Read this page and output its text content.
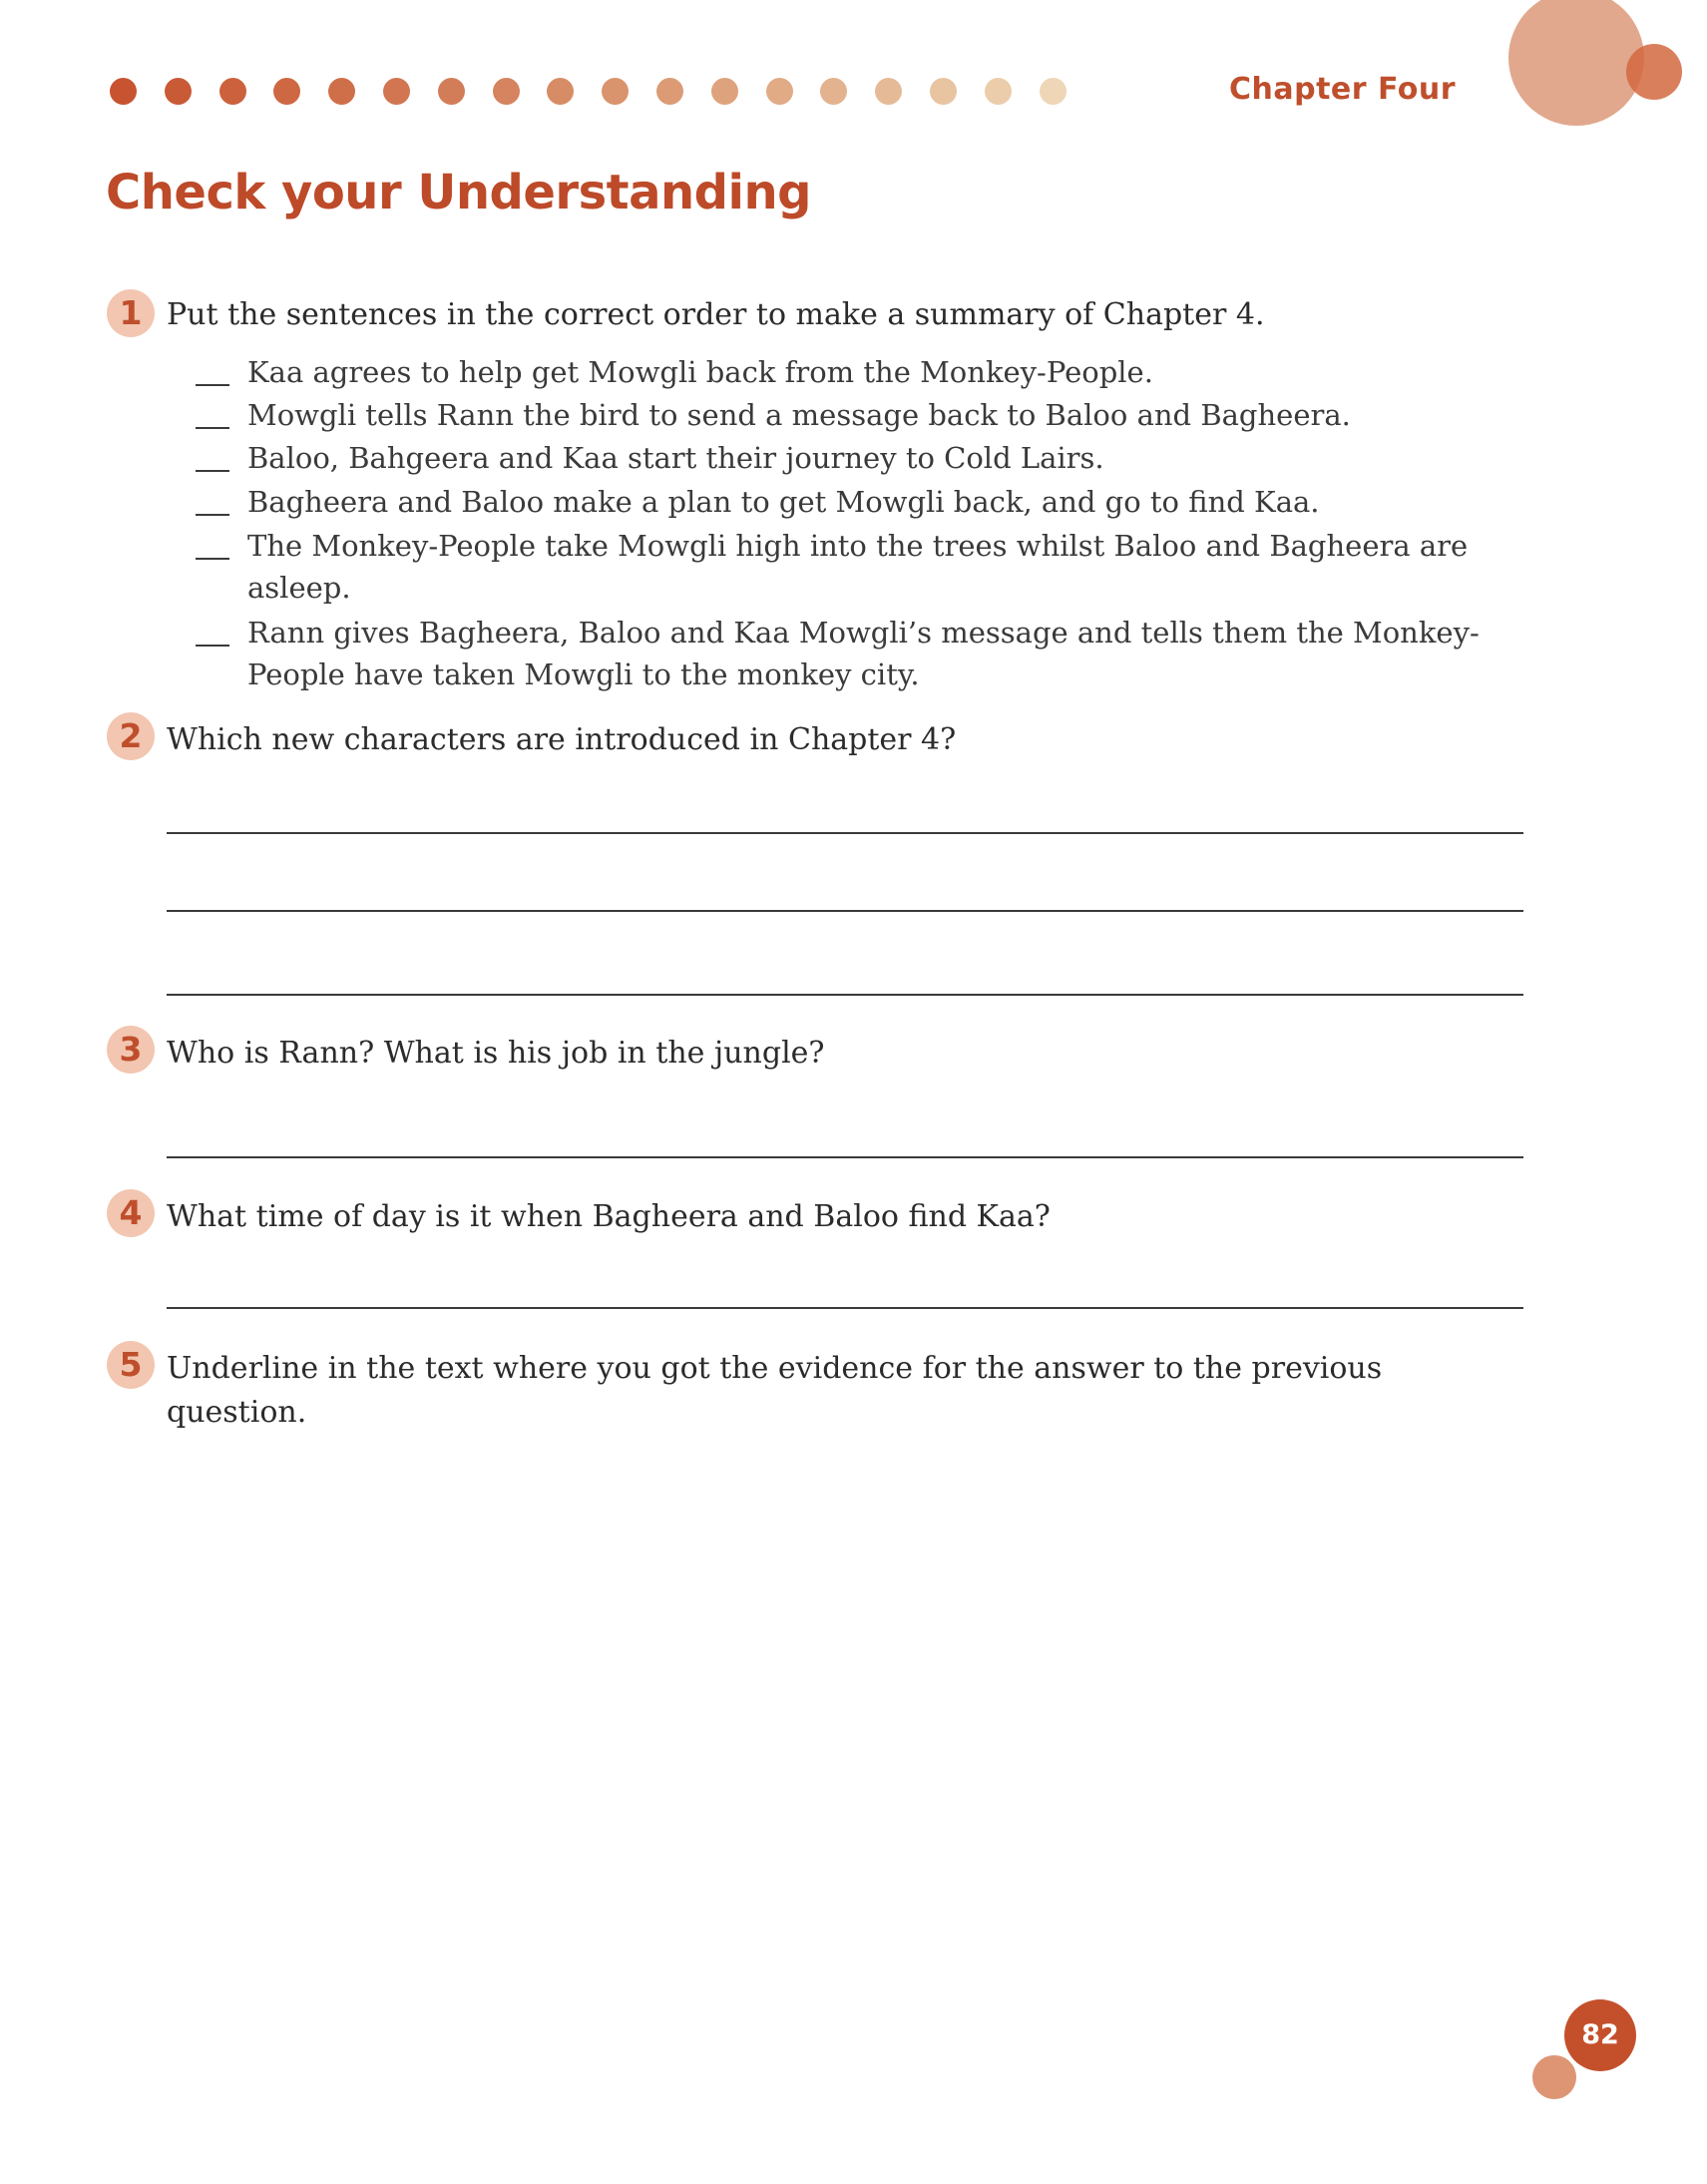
Chapter Four
Check your Understanding
1 Put the sentences in the correct order to make a summary of Chapter 4.
Kaa agrees to help get Mowgli back from the Monkey-People.
Mowgli tells Rann the bird to send a message back to Baloo and Bagheera.
Baloo, Bahgeera and Kaa start their journey to Cold Lairs.
Bagheera and Baloo make a plan to get Mowgli back, and go to find Kaa.
The Monkey-People take Mowgli high into the trees whilst Baloo and Bagheera are
asleep.
Rann gives Bagheera, Baloo and Kaa Mowgli’s message and tells them the Monkey-
People have taken Mowgli to the monkey city.
2 Which new characters are introduced in Chapter 4?
3 Who is Rann? What is his job in the jungle?
4 What time of day is it when Bagheera and Baloo find Kaa?
5 Underline in the text where you got the evidence for the answer to the previous question.
82
